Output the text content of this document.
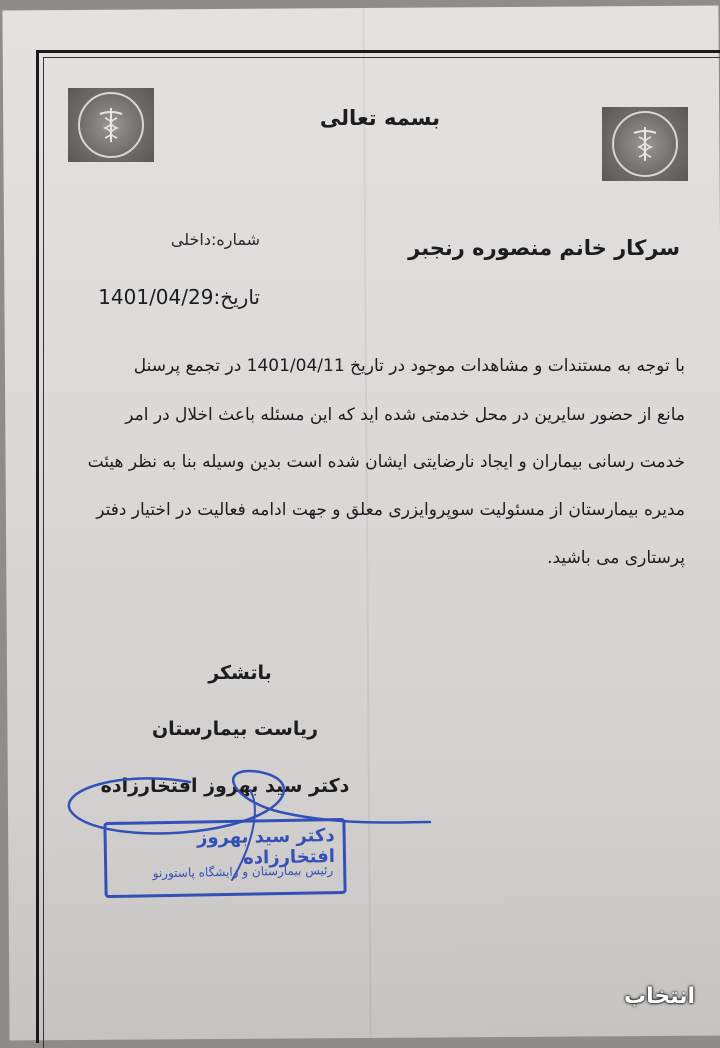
بسمه تعالی
سرکار خانم منصوره رنجبر
شماره:داخلی
تاریخ:1401/04/29
با توجه به مستندات و مشاهدات موجود در تاریخ 1401/04/11 در تجمع پرسنل
مانع از حضور سایرین در محل خدمتی شده اید که این مسئله باعث اخلال در امر
خدمت رسانی بیماران و ایجاد نارضایتی ایشان شده است بدین وسیله بنا به نظر هیئت
مدیره بیمارستان از مسئولیت سوپروایزری معلق و جهت ادامه فعالیت در اختیار دفتر
پرستاری می باشید.
باتشکر
ریاست بیمارستان
دکتر سید بهروز افتخارزاده
دکتر سید بهروز افتخارزاده
رئیس بیمارستان و زایشگاه پاستورنو
انتخاب
